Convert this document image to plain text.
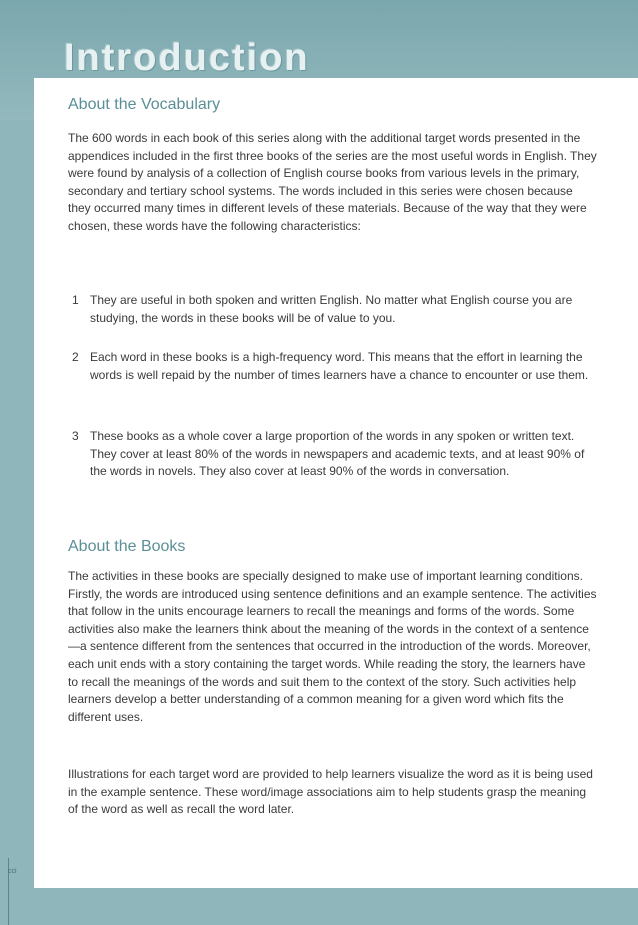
Introduction
About the Vocabulary

The 600 words in each book of this series along with the additional target words presented in the appendices included in the first three books of the series are the most useful words in English. They were found by analysis of a collection of English course books from various levels in the primary, secondary and tertiary school systems. The words included in this series were chosen because they occurred many times in different levels of these materials. Because of the way that they were chosen, these words have the following characteristics:

1 They are useful in both spoken and written English. No matter what English course you are studying, the words in these books will be of value to you.
2 Each word in these books is a high-frequency word. This means that the effort in learning the words is well repaid by the number of times learners have a chance to encounter or use them.
3 These books as a whole cover a large proportion of the words in any spoken or written text. They cover at least 80% of the words in newspapers and academic texts, and at least 90% of the words in novels. They also cover at least 90% of the words in conversation.
About the Books

The activities in these books are specially designed to make use of important learning conditions. Firstly, the words are introduced using sentence definitions and an example sentence. The activities that follow in the units encourage learners to recall the meanings and forms of the words. Some activities also make the learners think about the meaning of the words in the context of a sentence—a sentence different from the sentences that occurred in the introduction of the words. Moreover, each unit ends with a story containing the target words. While reading the story, the learners have to recall the meanings of the words and suit them to the context of the story. Such activities help learners develop a better understanding of a common meaning for a given word which fits the different uses.

Illustrations for each target word are provided to help learners visualize the word as it is being used in the example sentence. These word/image associations aim to help students grasp the meaning of the word as well as recall the word later.

cci
